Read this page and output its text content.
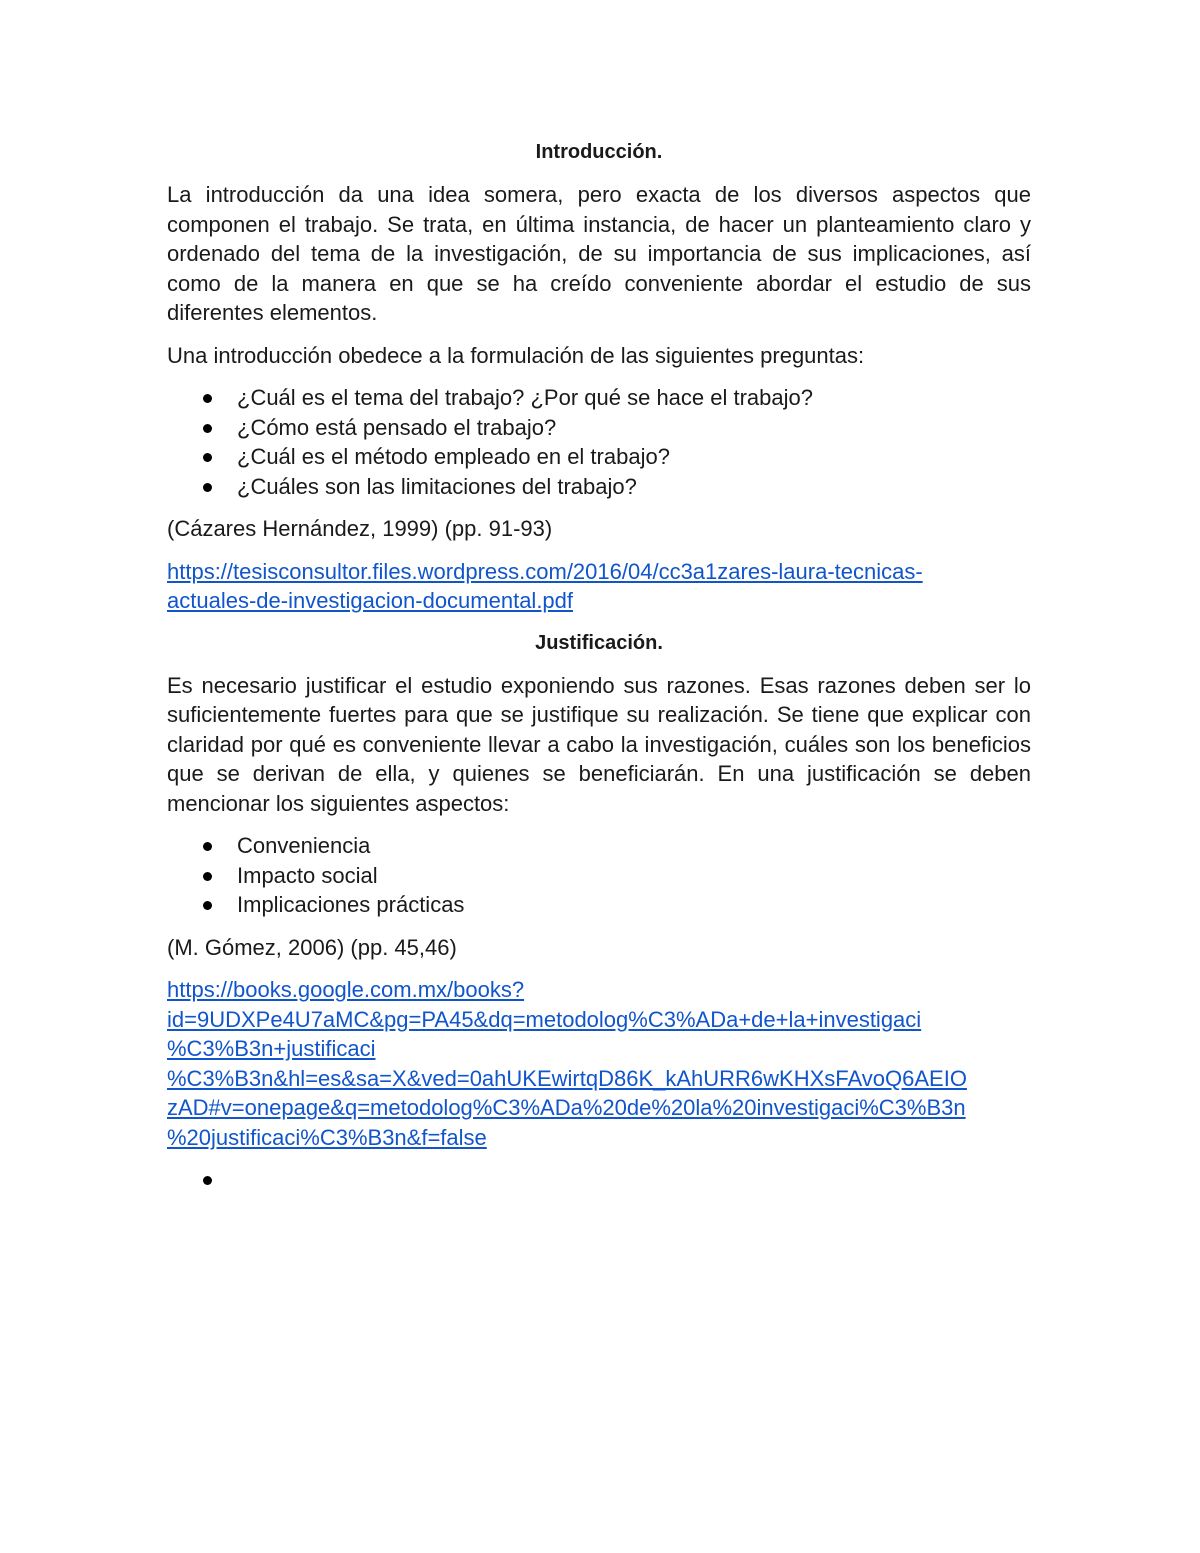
Introducción.
La introducción da una idea somera, pero exacta de los diversos aspectos que componen el trabajo. Se trata, en última instancia, de hacer un planteamiento claro y ordenado del tema de la investigación, de su importancia de sus implicaciones, así como de la manera en que se ha creído conveniente abordar el estudio de sus diferentes elementos.
Una introducción obedece a la formulación de las siguientes preguntas:
¿Cuál es el tema del trabajo? ¿Por qué se hace el trabajo?
¿Cómo está pensado el trabajo?
¿Cuál es el método empleado en el trabajo?
¿Cuáles son las limitaciones del trabajo?
(Cázares Hernández, 1999) (pp. 91-93)
https://tesisconsultor.files.wordpress.com/2016/04/cc3a1zares-laura-tecnicas-
actuales-de-investigacion-documental.pdf
Justificación.
Es necesario justificar el estudio exponiendo sus razones. Esas razones deben ser lo suficientemente fuertes para que se justifique su realización. Se tiene que explicar con claridad por qué es conveniente llevar a cabo la investigación, cuáles son los beneficios que se derivan de ella, y quienes se beneficiarán. En una justificación se deben mencionar los siguientes aspectos:
Conveniencia
Impacto social
Implicaciones prácticas
(M. Gómez, 2006) (pp. 45,46)
https://books.google.com.mx/books?
id=9UDXPe4U7aMC&pg=PA45&dq=metodolog%C3%ADa+de+la+investigaci
%C3%B3n+justificaci
%C3%B3n&hl=es&sa=X&ved=0ahUKEwirtqD86K_kAhURR6wKHXsFAvoQ6AEIO
zAD#v=onepage&q=metodolog%C3%ADa%20de%20la%20investigaci%C3%B3n
%20justificaci%C3%B3n&f=false
